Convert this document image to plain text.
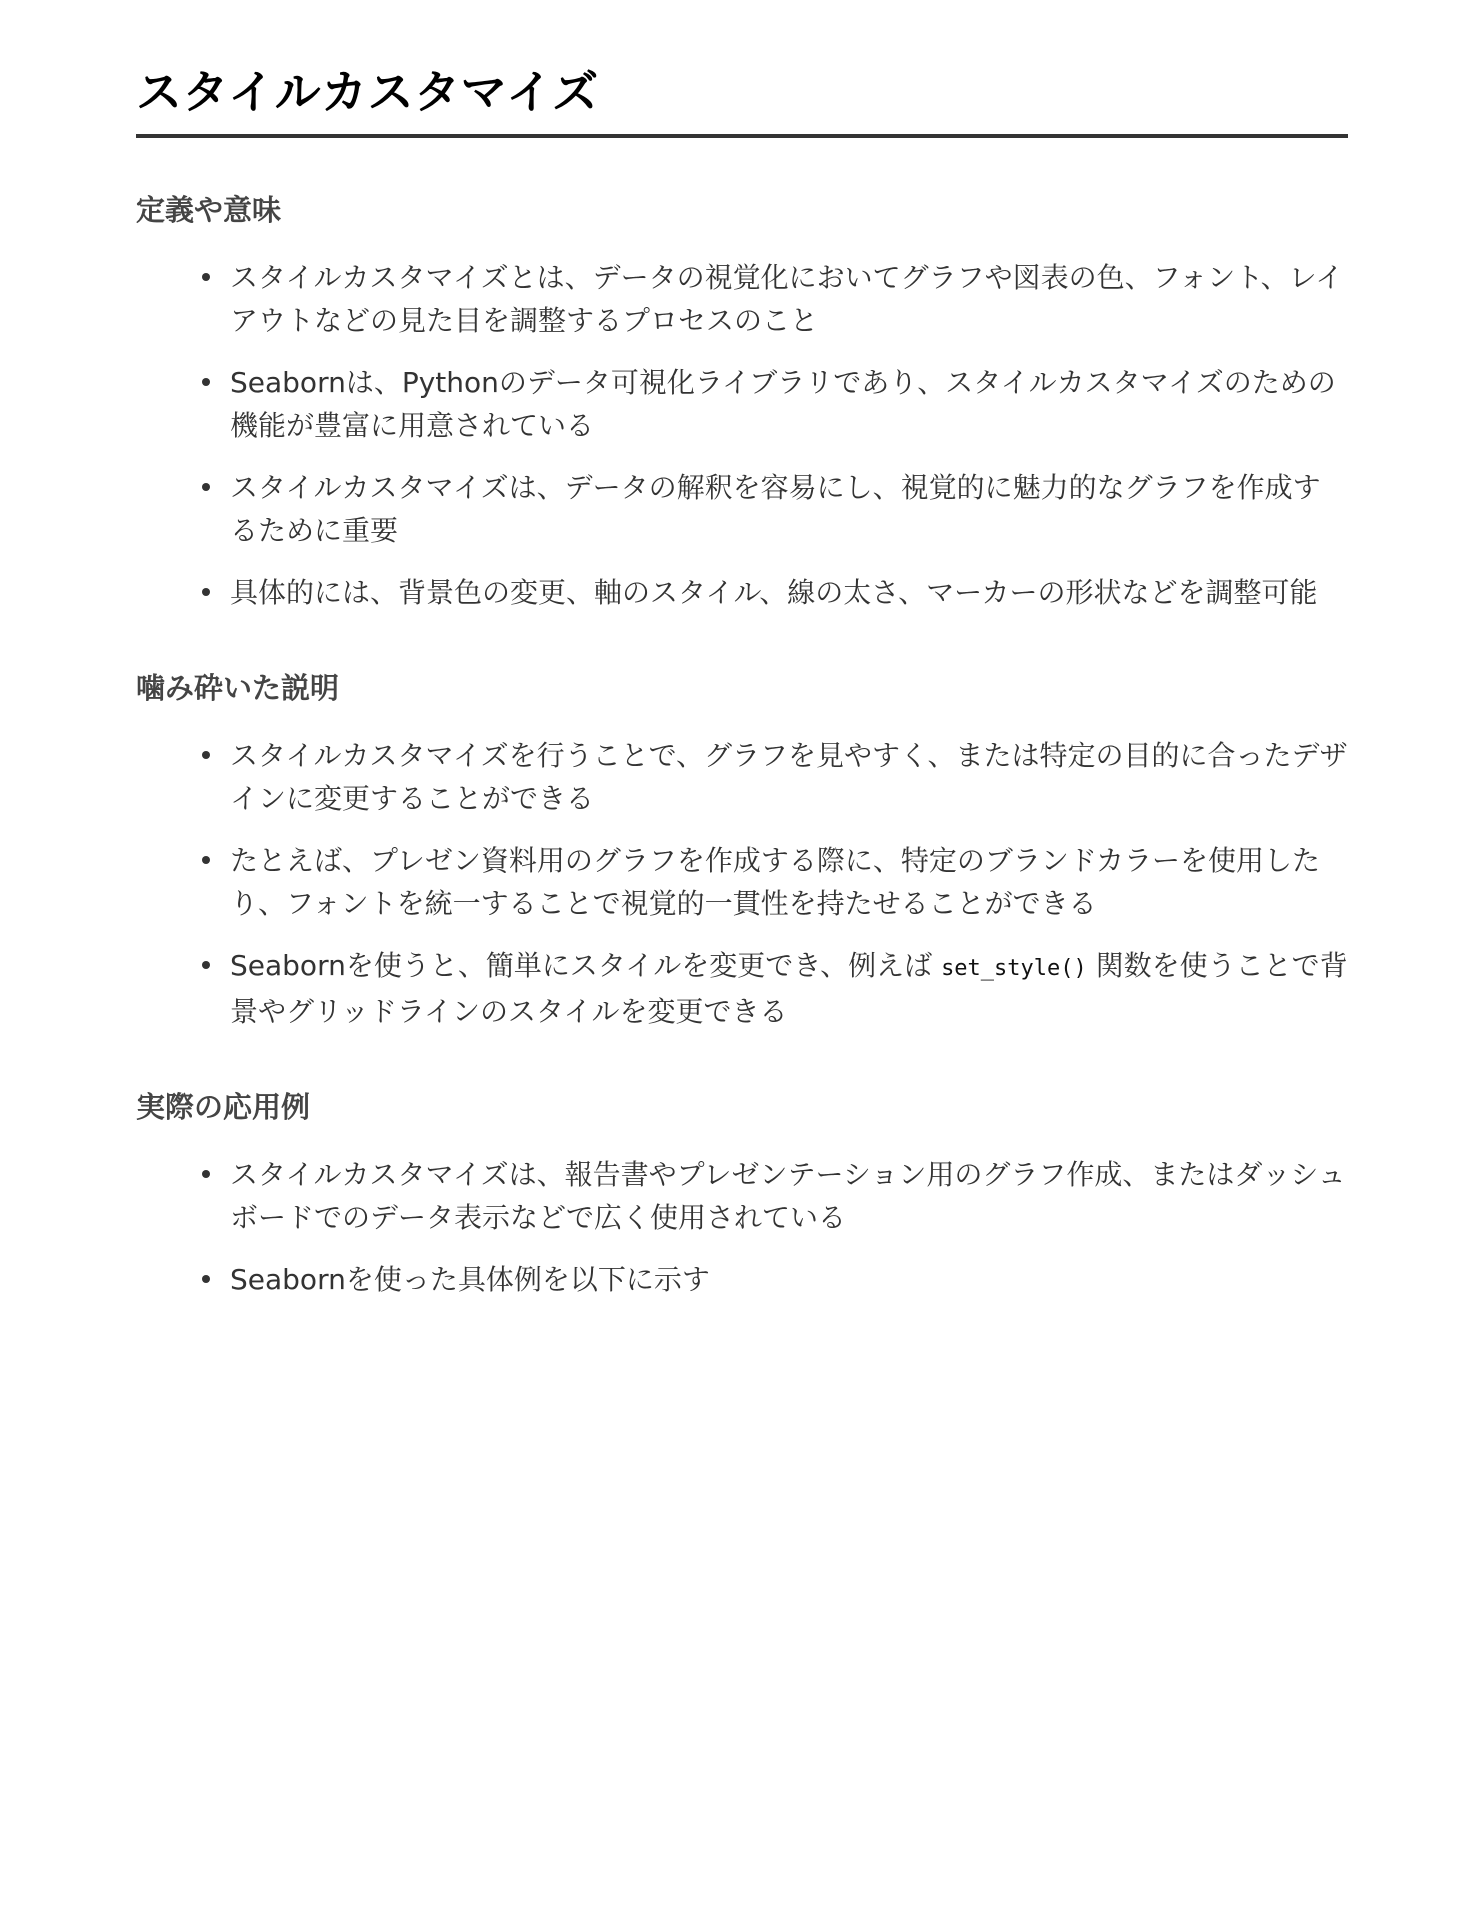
スタイルカスタマイズ
定義や意味
スタイルカスタマイズとは、データの視覚化においてグラフや図表の色、フォント、レイアウトなどの見た目を調整するプロセスのこと
Seabornは、Pythonのデータ可視化ライブラリであり、スタイルカスタマイズのための機能が豊富に用意されている
スタイルカスタマイズは、データの解釈を容易にし、視覚的に魅力的なグラフを作成するために重要
具体的には、背景色の変更、軸のスタイル、線の太さ、マーカーの形状などを調整可能
噛み砕いた説明
スタイルカスタマイズを行うことで、グラフを見やすく、または特定の目的に合ったデザインに変更することができる
たとえば、プレゼン資料用のグラフを作成する際に、特定のブランドカラーを使用したり、フォントを統一することで視覚的一貫性を持たせることができる
Seabornを使うと、簡単にスタイルを変更でき、例えば set_style() 関数を使うことで背景やグリッドラインのスタイルを変更できる
実際の応用例
スタイルカスタマイズは、報告書やプレゼンテーション用のグラフ作成、またはダッシュボードでのデータ表示などで広く使用されている
Seabornを使った具体例を以下に示す
